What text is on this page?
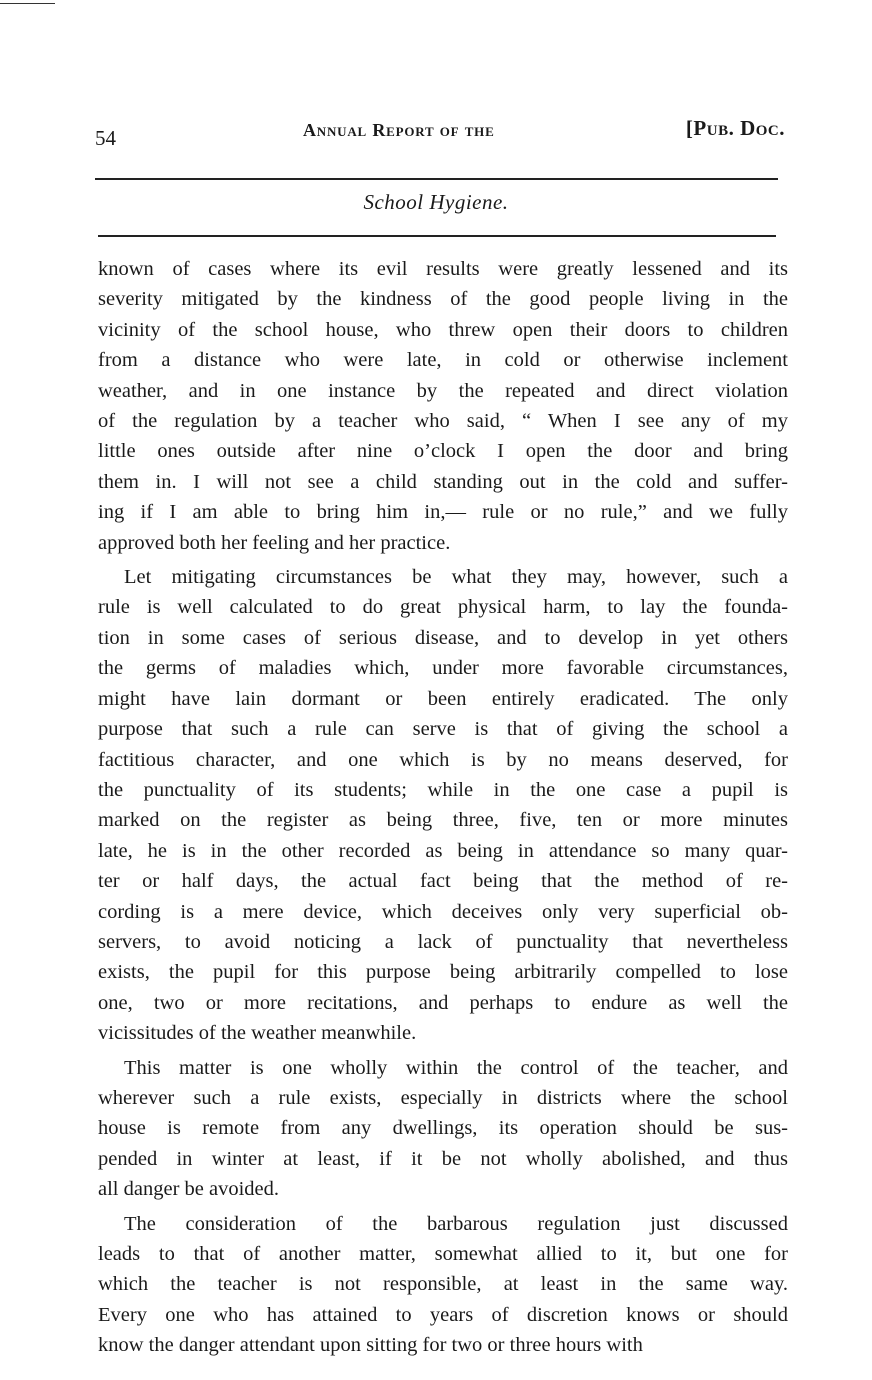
54	Annual Report of the	[Pub. Doc.
School Hygiene.
known of cases where its evil results were greatly lessened and its
severity mitigated by the kindness of the good people living in the
vicinity of the school house, who threw open their doors to children
from a distance who were late, in cold or otherwise inclement
weather, and in one instance by the repeated and direct violation
of the regulation by a teacher who said, “ When I see any of my
little ones outside after nine o’clock I open the door and bring
them in. I will not see a child standing out in the cold and suffer-
ing if I am able to bring him in,— rule or no rule,” and we fully
approved both her feeling and her practice.
Let mitigating circumstances be what they may, however, such a
rule is well calculated to do great physical harm, to lay the founda-
tion in some cases of serious disease, and to develop in yet others
the germs of maladies which, under more favorable circumstances,
might have lain dormant or been entirely eradicated. The only
purpose that such a rule can serve is that of giving the school a
factitious character, and one which is by no means deserved, for
the punctuality of its students; while in the one case a pupil is
marked on the register as being three, five, ten or more minutes
late, he is in the other recorded as being in attendance so many quar-
ter or half days, the actual fact being that the method of re-
cording is a mere device, which deceives only very superficial ob-
servers, to avoid noticing a lack of punctuality that nevertheless
exists, the pupil for this purpose being arbitrarily compelled to lose
one, two or more recitations, and perhaps to endure as well the
vicissitudes of the weather meanwhile.
This matter is one wholly within the control of the teacher, and
wherever such a rule exists, especially in districts where the school
house is remote from any dwellings, its operation should be sus-
pended in winter at least, if it be not wholly abolished, and thus
all danger be avoided.
The consideration of the barbarous regulation just discussed
leads to that of another matter, somewhat allied to it, but one for
which the teacher is not responsible, at least in the same way.
Every one who has attained to years of discretion knows or should
know the danger attendant upon sitting for two or three hours with
